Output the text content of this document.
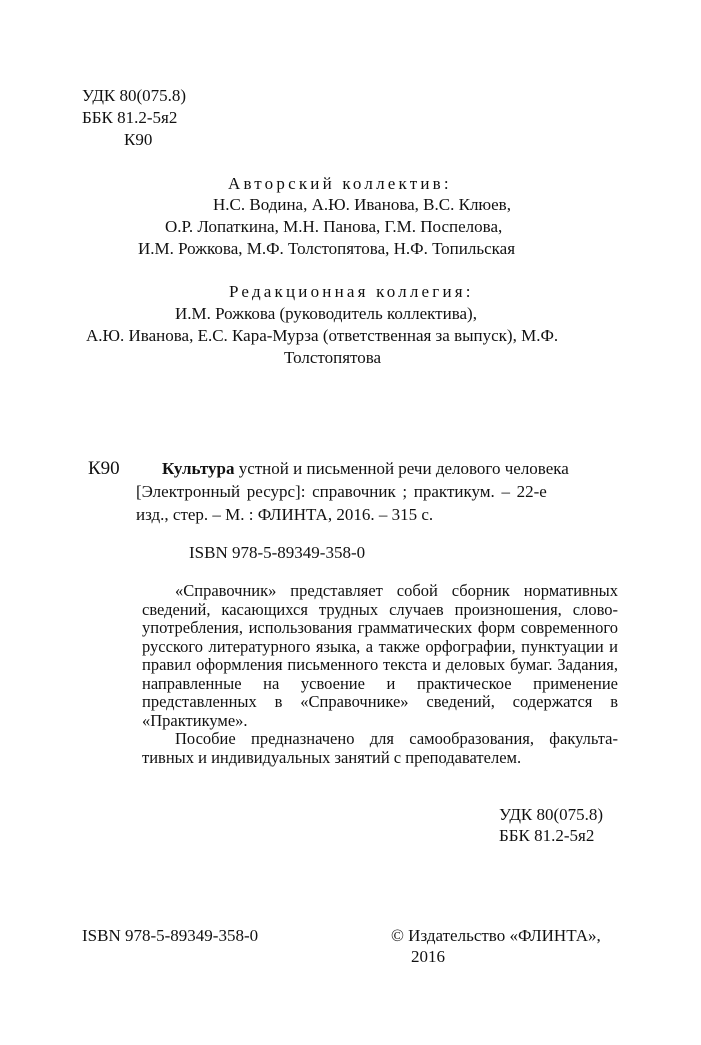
УДК 80(075.8)
ББК 81.2-5я2
К90
Авторский коллектив:
Н.С. Водина, А.Ю. Иванова, В.С. Клюев,
О.Р. Лопаткина, М.Н. Панова, Г.М. Поспелова,
И.М. Рожкова, М.Ф. Толстопятова, Н.Ф. Топильская
Редакционная коллегия:
И.М. Рожкова (руководитель коллектива),
А.Ю. Иванова, Е.С. Кара-Мурза (ответственная за выпуск), М.Ф.
Толстопятова
К90 Культура устной и письменной речи делового человека
[Электронный ресурс]: справочник ; практикум. – 22-е
изд., стер. – М. : ФЛИНТА, 2016. – 315 с.
ISBN 978-5-89349-358-0

«Справочник» представляет собой сборник нормативных сведений, касающихся трудных случаев произношения, словоупотребления, использования грамматических форм современного русского литературного языка, а также орфографии, пунктуации и правил оформления письменного текста и деловых бумаг. Задания, направленные на усвоение и практическое применение представленных в «Справочнике» сведений, содержатся в «Практикуме».

Пособие предназначено для самообразования, факультативных и индивидуальных занятий с преподавателем.

УДК 80(075.8)
ББК 81.2-5я2
ISBN 978-5-89349-358-0	© Издательство «ФЛИНТА»,
2016
